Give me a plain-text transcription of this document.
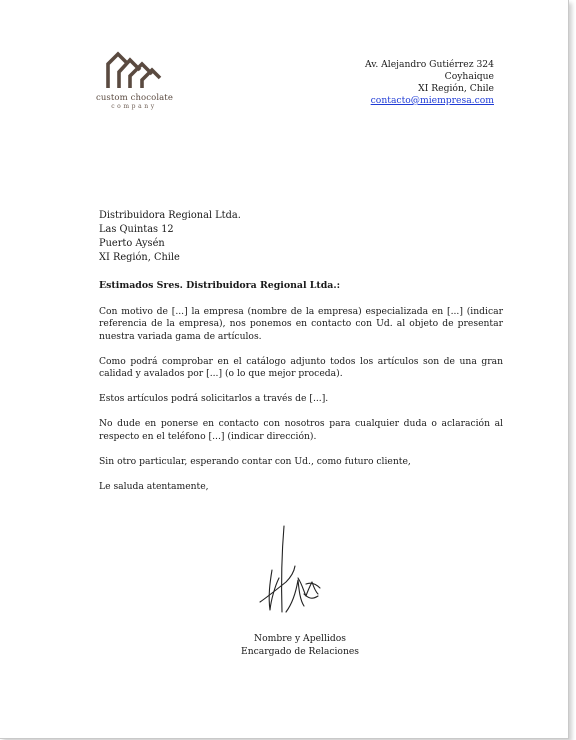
custom chocolate
company
Av. Alejandro Gutiérrez 324
Coyhaique
XI Región, Chile
contacto@miempresa.com
Distribuidora Regional Ltda.
Las Quintas 12
Puerto Aysén
XI Región, Chile

Estimados Sres. Distribuidora Regional Ltda.:

Con motivo de [...] la empresa (nombre de la empresa) especializada en [...] (indicar referencia de la empresa), nos ponemos en contacto con Ud. al objeto de presentar nuestra variada gama de artículos.

Como podrá comprobar en el catálogo adjunto todos los artículos son de una gran calidad y avalados por [...] (o lo que mejor proceda).

Estos artículos podrá solicitarlos a través de [...].

No dude en ponerse en contacto con nosotros para cualquier duda o aclaración al respecto en el teléfono [...] (indicar dirección).

Sin otro particular, esperando contar con Ud., como futuro cliente,

Le saluda atentamente,

Nombre y Apellidos
Encargado de Relaciones
